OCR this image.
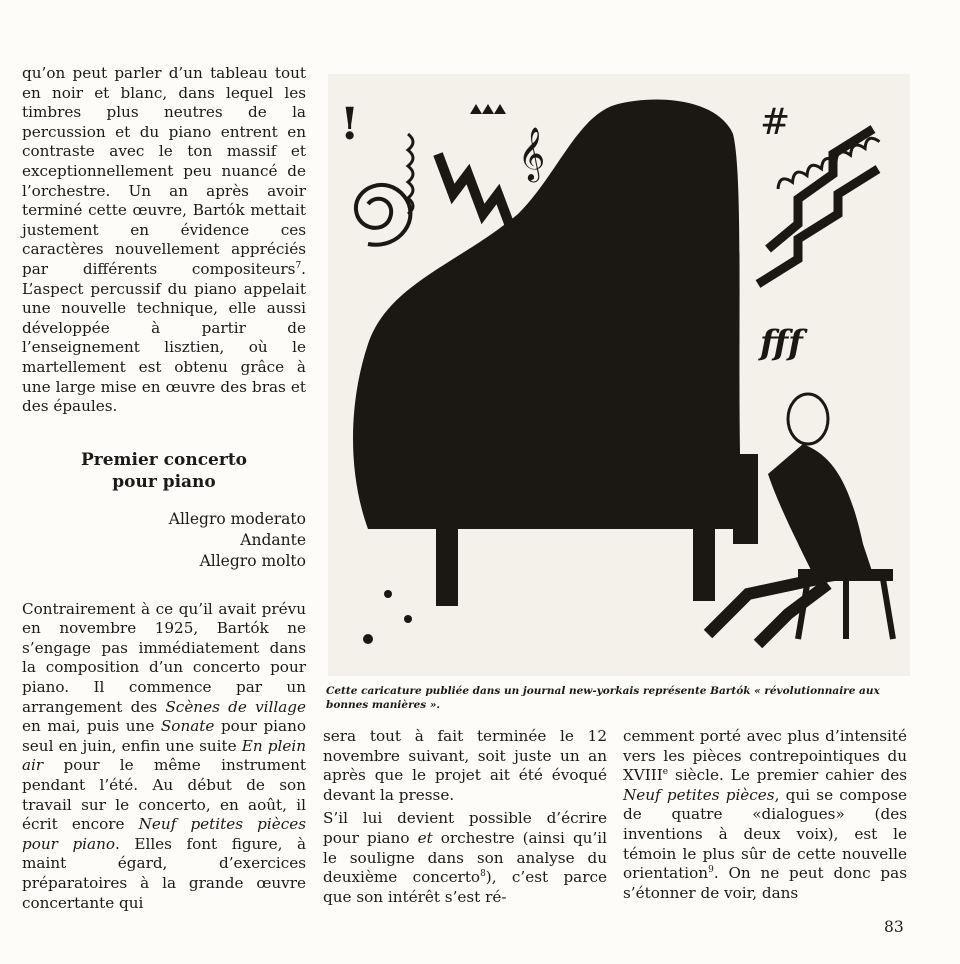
qu’on peut parler d’un tableau tout en noir et blanc, dans lequel les timbres plus neutres de la percussion et du piano entrent en contraste avec le ton massif et exceptionnellement peu nuancé de l’orchestre. Un an après avoir terminé cette œuvre, Bartók mettait justement en évidence ces caractères nouvellement appréciés par différents compositeurs$^7$. L’aspect percussif du piano appelait une nouvelle technique, elle aussi développée à partir de l’enseignement lisztien, où le martellement est obtenu grâce à une large mise en œuvre des bras et des épaules.

Premier concerto
pour piano

Allegro moderato
Andante
Allegro molto

Contrairement à ce qu’il avait prévu en novembre 1925, Bartók ne s’engage pas immédiatement dans la composition d’un concerto pour piano. Il commence par un arrangement des Scènes de village en mai, puis une Sonate pour piano seul en juin, enfin une suite En plein air pour le même instrument pendant l’été. Au début de son travail sur le concerto, en août, il écrit encore Neuf petites pièces pour piano. Elles font figure, à maint égard, d’exercices préparatoires à la grande œuvre concertante qui

#
fff
𝄞
!
Cette caricature publiée dans un journal new-yorkais représente Bartók « révolutionnaire aux bonnes manières ».

sera tout à fait terminée le 12 novembre suivant, soit juste un an après que le projet ait été évoqué devant la presse.

S’il lui devient possible d’écrire pour piano et orchestre (ainsi qu’il le souligne dans son analyse du deuxième concerto$^8$), c’est parce que son intérêt s’est ré-

cemment porté avec plus d’intensité vers les pièces contrepointiques du XVIIIe siècle. Le premier cahier des Neuf petites pièces, qui se compose de quatre «dialogues» (des inventions à deux voix), est le témoin le plus sûr de cette nouvelle orientation$^9$. On ne peut donc pas s’étonner de voir, dans

83
